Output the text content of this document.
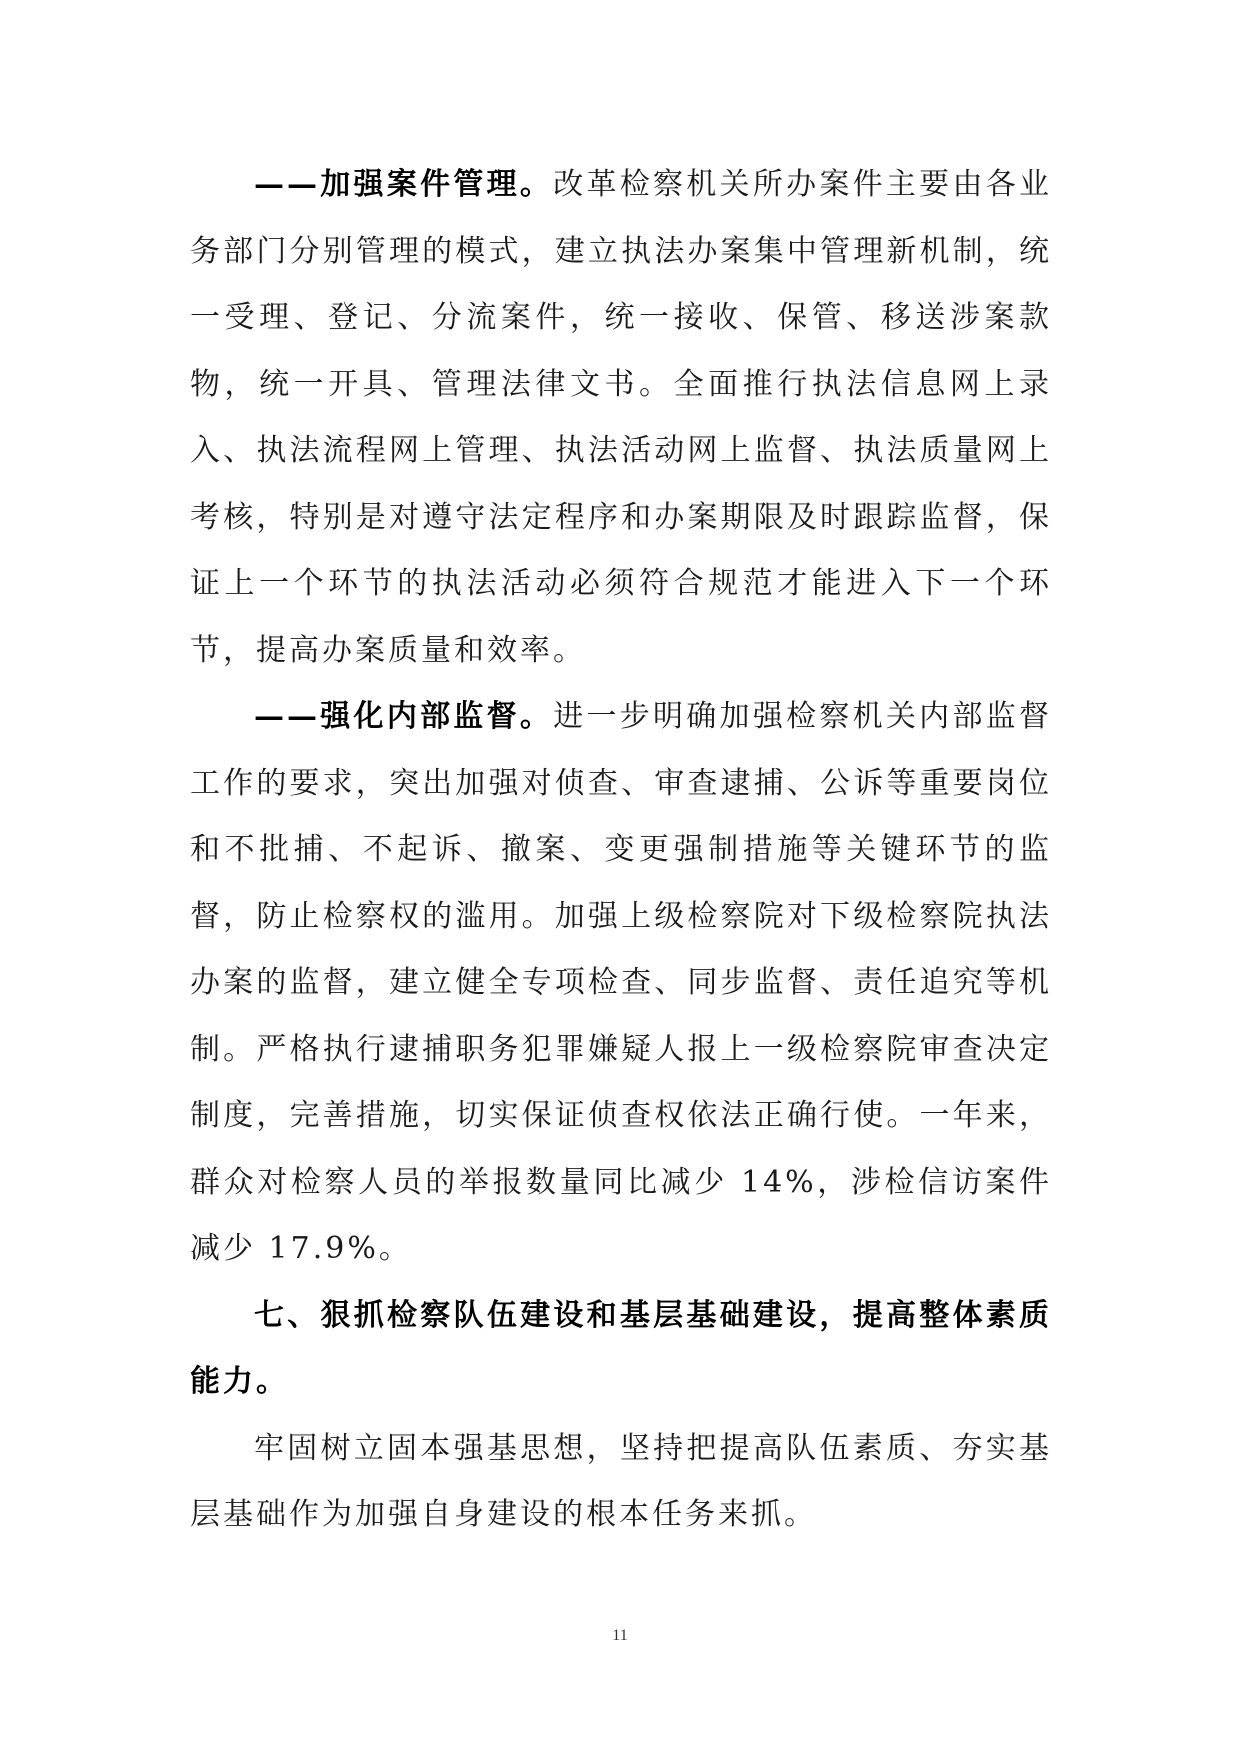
——加强案件管理。改革检察机关所办案件主要由各业务部门分别管理的模式，建立执法办案集中管理新机制，统一受理、登记、分流案件，统一接收、保管、移送涉案款物，统一开具、管理法律文书。全面推行执法信息网上录入、执法流程网上管理、执法活动网上监督、执法质量网上考核，特别是对遵守法定程序和办案期限及时跟踪监督，保证上一个环节的执法活动必须符合规范才能进入下一个环节，提高办案质量和效率。

——强化内部监督。进一步明确加强检察机关内部监督工作的要求，突出加强对侦查、审查逮捕、公诉等重要岗位和不批捕、不起诉、撤案、变更强制措施等关键环节的监督，防止检察权的滥用。加强上级检察院对下级检察院执法办案的监督，建立健全专项检查、同步监督、责任追究等机制。严格执行逮捕职务犯罪嫌疑人报上一级检察院审查决定制度，完善措施，切实保证侦查权依法正确行使。一年来，群众对检察人员的举报数量同比减少 14%，涉检信访案件减少 17.9%。

七、狠抓检察队伍建设和基层基础建设，提高整体素质能力。

牢固树立固本强基思想，坚持把提高队伍素质、夯实基层基础作为加强自身建设的根本任务来抓。

11
